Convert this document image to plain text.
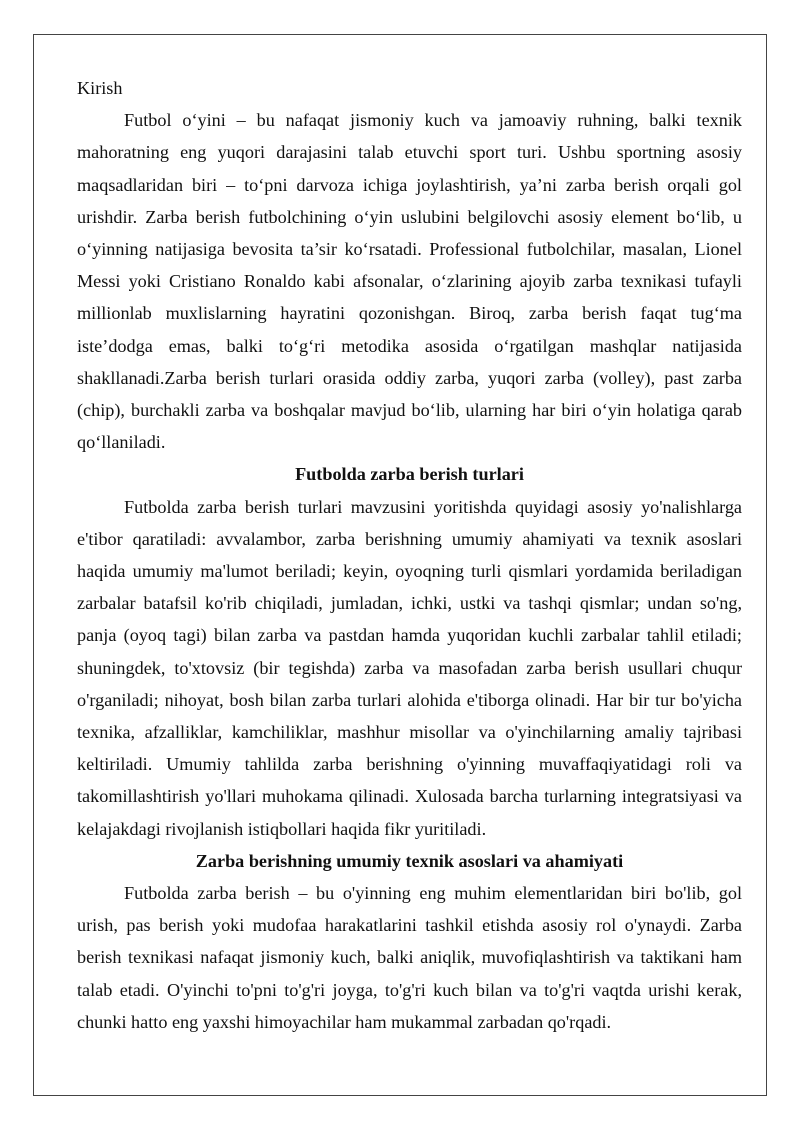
Kirish

Futbol o‘yini – bu nafaqat jismoniy kuch va jamoaviy ruhning, balki texnik mahoratning eng yuqori darajasini talab etuvchi sport turi. Ushbu sportning asosiy maqsadlaridan biri – to‘pni darvoza ichiga joylashtirish, ya’ni zarba berish orqali gol urishdir. Zarba berish futbolchining o‘yin uslubini belgilovchi asosiy element bo‘lib, u o‘yinning natijasiga bevosita ta’sir ko‘rsatadi. Professional futbolchilar, masalan, Lionel Messi yoki Cristiano Ronaldo kabi afsonalar, o‘zlarining ajoyib zarba texnikasi tufayli millionlab muxlislarning hayratini qozonishgan. Biroq, zarba berish faqat tug‘ma iste’dodga emas, balki to‘g‘ri metodika asosida o‘rgatilgan mashqlar natijasida shakllanadi.Zarba berish turlari orasida oddiy zarba, yuqori zarba (volley), past zarba (chip), burchakli zarba va boshqalar mavjud bo‘lib, ularning har biri o‘yin holatiga qarab qo‘llaniladi.

Futbolda zarba berish turlari

Futbolda zarba berish turlari mavzusini yoritishda quyidagi asosiy yo'nalishlarga e'tibor qaratiladi: avvalambor, zarba berishning umumiy ahamiyati va texnik asoslari haqida umumiy ma'lumot beriladi; keyin, oyoqning turli qismlari yordamida beriladigan zarbalar batafsil ko'rib chiqiladi, jumladan, ichki, ustki va tashqi qismlar; undan so'ng, panja (oyoq tagi) bilan zarba va pastdan hamda yuqoridan kuchli zarbalar tahlil etiladi; shuningdek, to'xtovsiz (bir tegishda) zarba va masofadan zarba berish usullari chuqur o'rganiladi; nihoyat, bosh bilan zarba turlari alohida e'tiborga olinadi. Har bir tur bo'yicha texnika, afzalliklar, kamchiliklar, mashhur misollar va o'yinchilarning amaliy tajribasi keltiriladi. Umumiy tahlilda zarba berishning o'yinning muvaffaqiyatidagi roli va takomillashtirish yo'llari muhokama qilinadi. Xulosada barcha turlarning integratsiyasi va kelajakdagi rivojlanish istiqbollari haqida fikr yuritiladi.

Zarba berishning umumiy texnik asoslari va ahamiyati

Futbolda zarba berish – bu o'yinning eng muhim elementlaridan biri bo'lib, gol urish, pas berish yoki mudofaa harakatlarini tashkil etishda asosiy rol o'ynaydi. Zarba berish texnikasi nafaqat jismoniy kuch, balki aniqlik, muvofiqlashtirish va taktikani ham talab etadi. O'yinchi to'pni to'g'ri joyga, to'g'ri kuch bilan va to'g'ri vaqtda urishi kerak, chunki hatto eng yaxshi himoyachilar ham mukammal zarbadan qo'rqadi.
